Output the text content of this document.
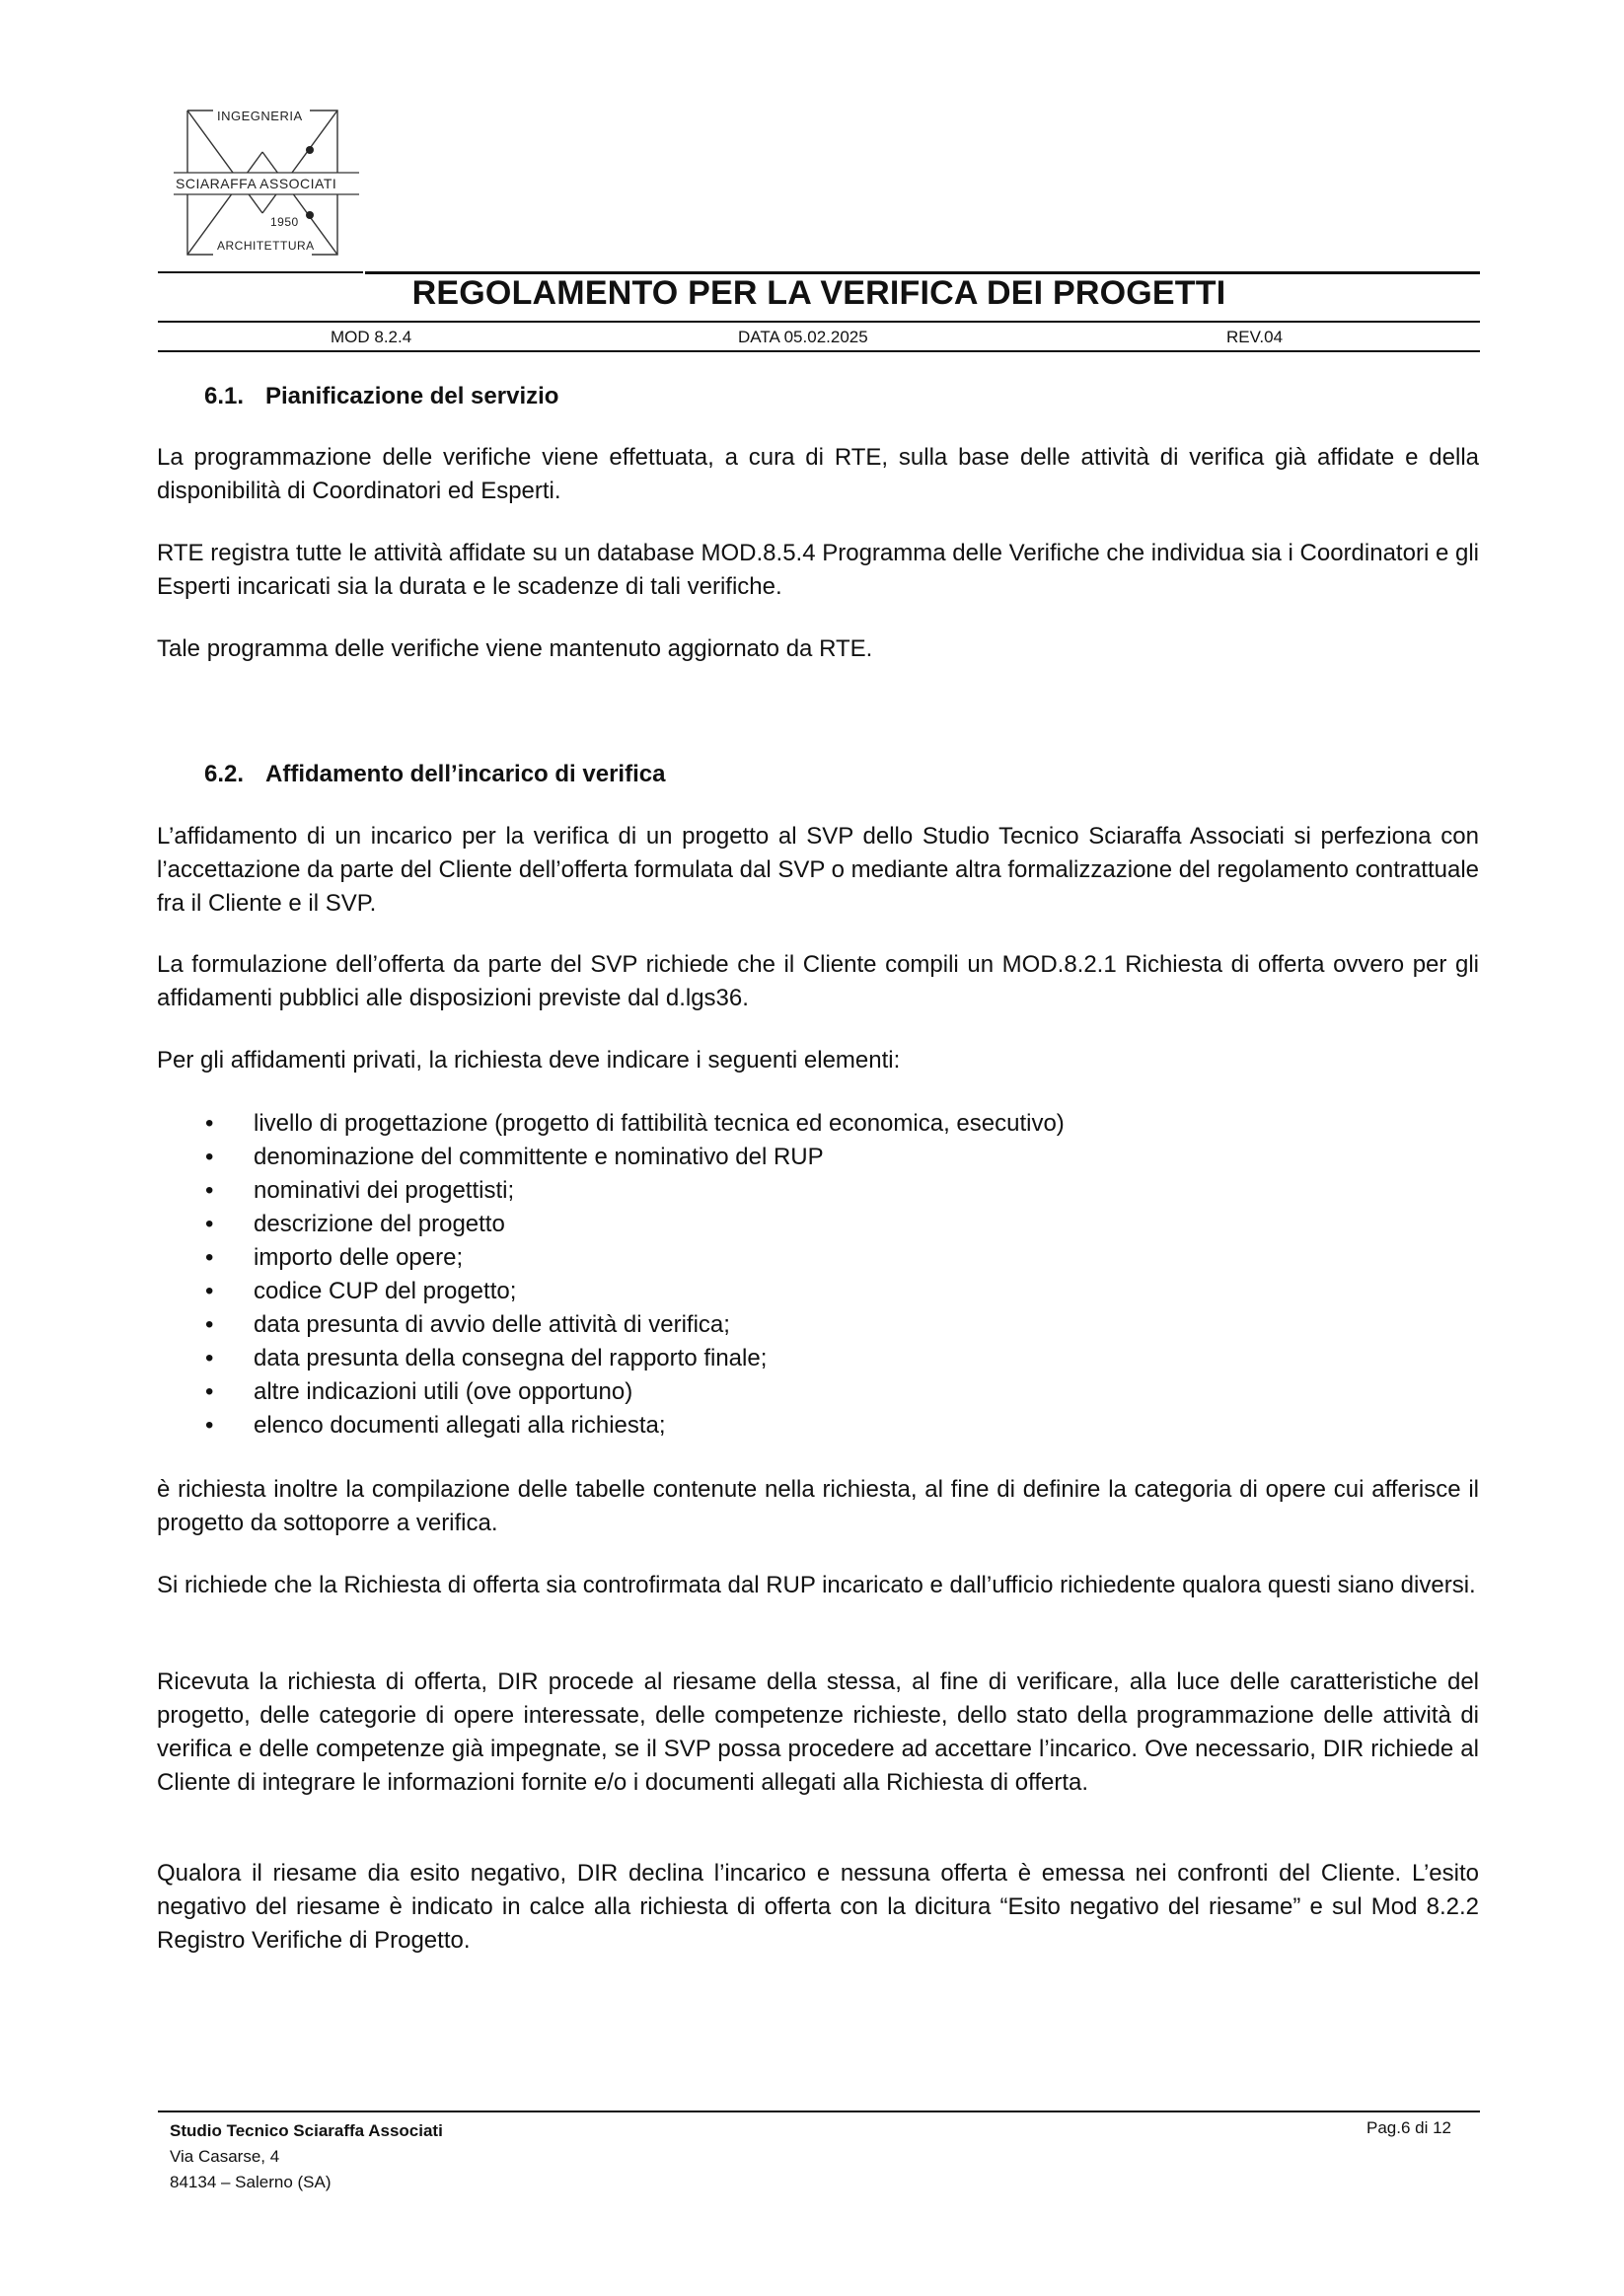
INGEGNERIA
SCIARAFFA ASSOCIATI
1950
ARCHITETTURA
REGOLAMENTO PER LA VERIFICA DEI PROGETTI
MOD 8.2.4	DATA 05.02.2025	REV.04
6.1. Pianificazione del servizio

La programmazione delle verifiche viene effettuata, a cura di RTE, sulla base delle attività di verifica già affidate e della disponibilità di Coordinatori ed Esperti.

RTE registra tutte le attività affidate su un database MOD.8.5.4 Programma delle Verifiche che individua sia i Coordinatori e gli Esperti incaricati sia la durata e le scadenze di tali verifiche.

Tale programma delle verifiche viene mantenuto aggiornato da RTE.

6.2. Affidamento dell’incarico di verifica

L’affidamento di un incarico per la verifica di un progetto al SVP dello Studio Tecnico Sciaraffa Associati si perfeziona con l’accettazione da parte del Cliente dell’offerta formulata dal SVP o mediante altra formalizzazione del regolamento contrattuale fra il Cliente e il SVP.

La formulazione dell’offerta da parte del SVP richiede che il Cliente compili un MOD.8.2.1 Richiesta di offerta ovvero per gli affidamenti pubblici alle disposizioni previste dal d.lgs36.

Per gli affidamenti privati, la richiesta deve indicare i seguenti elementi:

• livello di progettazione (progetto di fattibilità tecnica ed economica, esecutivo)
• denominazione del committente e nominativo del RUP
• nominativi dei progettisti;
• descrizione del progetto
• importo delle opere;
• codice CUP del progetto;
• data presunta di avvio delle attività di verifica;
• data presunta della consegna del rapporto finale;
• altre indicazioni utili (ove opportuno)
• elenco documenti allegati alla richiesta;

è richiesta inoltre la compilazione delle tabelle contenute nella richiesta, al fine di definire la categoria di opere cui afferisce il progetto da sottoporre a verifica.

Si richiede che la Richiesta di offerta sia controfirmata dal RUP incaricato e dall’ufficio richiedente qualora questi siano diversi.

Ricevuta la richiesta di offerta, DIR procede al riesame della stessa, al fine di verificare, alla luce delle caratteristiche del progetto, delle categorie di opere interessate, delle competenze richieste, dello stato della programmazione delle attività di verifica e delle competenze già impegnate, se il SVP possa procedere ad accettare l’incarico. Ove necessario, DIR richiede al Cliente di integrare le informazioni fornite e/o i documenti allegati alla Richiesta di offerta.

Qualora il riesame dia esito negativo, DIR declina l’incarico e nessuna offerta è emessa nei confronti del Cliente. L’esito negativo del riesame è indicato in calce alla richiesta di offerta con la dicitura “Esito negativo del riesame” e sul Mod 8.2.2 Registro Verifiche di Progetto.

Studio Tecnico Sciaraffa Associati
Via Casarse, 4
84134 – Salerno (SA)
Pag.6 di 12
